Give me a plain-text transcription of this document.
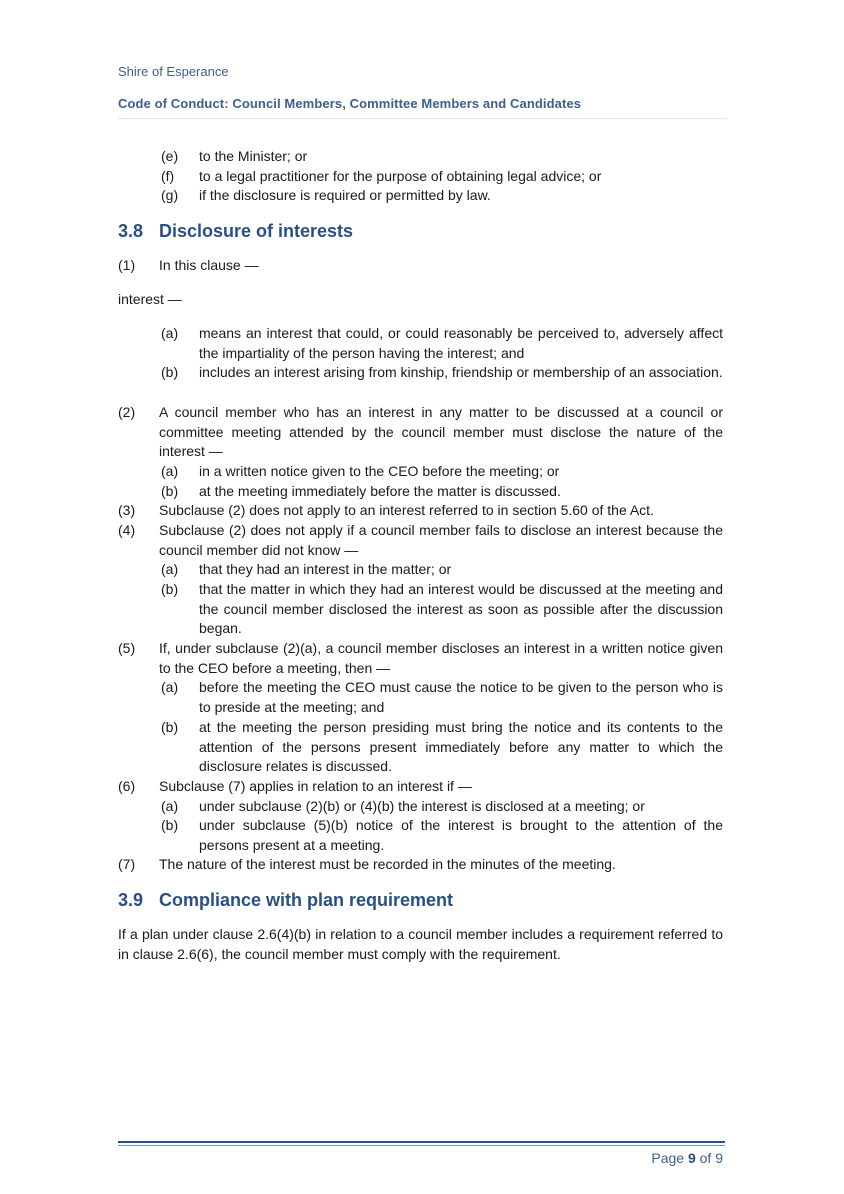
Shire of Esperance
Code of Conduct: Council Members, Committee Members and Candidates
(e) to the Minister; or
(f) to a legal practitioner for the purpose of obtaining legal advice; or
(g) if the disclosure is required or permitted by law.
3.8 Disclosure of interests
(1) In this clause —
interest —
(a) means an interest that could, or could reasonably be perceived to, adversely affect the impartiality of the person having the interest; and
(b) includes an interest arising from kinship, friendship or membership of an association.
(2) A council member who has an interest in any matter to be discussed at a council or committee meeting attended by the council member must disclose the nature of the interest —
(a) in a written notice given to the CEO before the meeting; or
(b) at the meeting immediately before the matter is discussed.
(3) Subclause (2) does not apply to an interest referred to in section 5.60 of the Act.
(4) Subclause (2) does not apply if a council member fails to disclose an interest because the council member did not know —
(a) that they had an interest in the matter; or
(b) that the matter in which they had an interest would be discussed at the meeting and the council member disclosed the interest as soon as possible after the discussion began.
(5) If, under subclause (2)(a), a council member discloses an interest in a written notice given to the CEO before a meeting, then —
(a) before the meeting the CEO must cause the notice to be given to the person who is to preside at the meeting; and
(b) at the meeting the person presiding must bring the notice and its contents to the attention of the persons present immediately before any matter to which the disclosure relates is discussed.
(6) Subclause (7) applies in relation to an interest if —
(a) under subclause (2)(b) or (4)(b) the interest is disclosed at a meeting; or
(b) under subclause (5)(b) notice of the interest is brought to the attention of the persons present at a meeting.
(7) The nature of the interest must be recorded in the minutes of the meeting.
3.9 Compliance with plan requirement
If a plan under clause 2.6(4)(b) in relation to a council member includes a requirement referred to in clause 2.6(6), the council member must comply with the requirement.
Page 9 of 9
